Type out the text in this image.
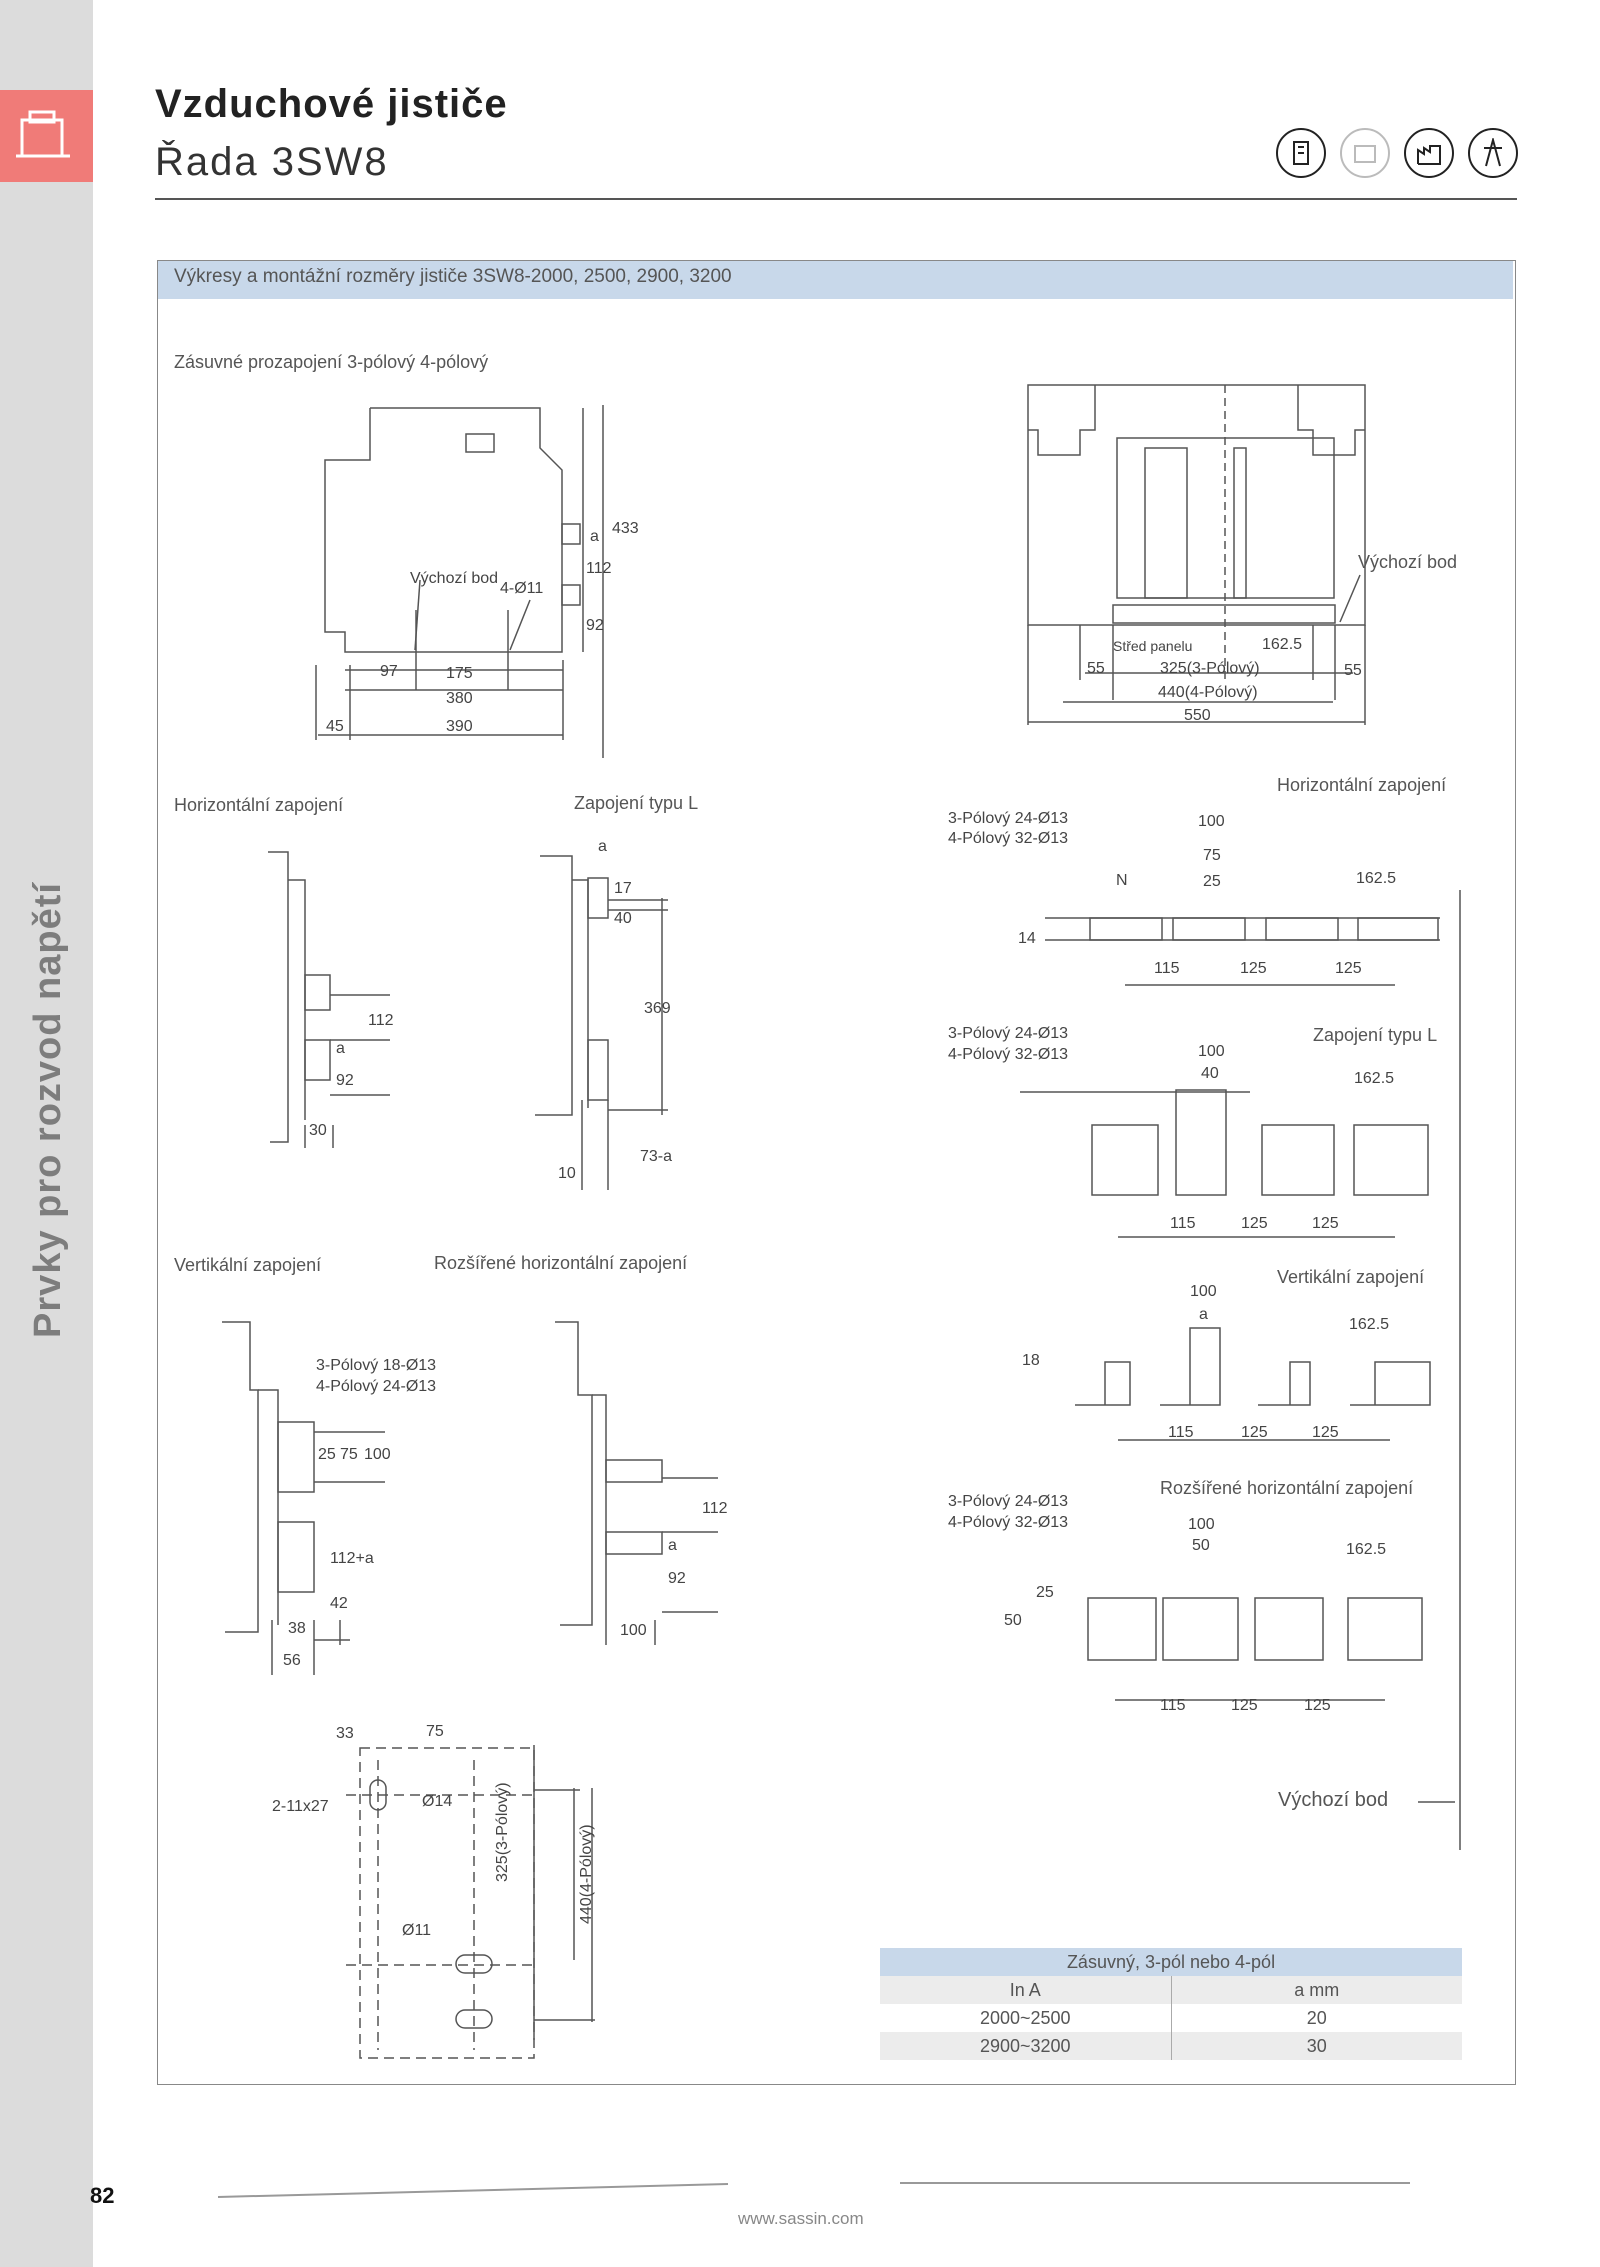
Prvky pro rozvod napětí
82
Vzduchové jističe
Řada 3SW8
Výkresy a montážní rozměry jističe 3SW8-2000, 2500, 2900, 3200
Zásuvné prozapojení 3-pólový 4-pólový
Výchozí bod
4-Ø11
a
112
433
92
97	175
380
45	390
Výchozí bod
Střed panelu	162.5
55	325(3-Pólový)	55
440(4-Pólový)
550
Horizontální zapojení
112
a
92
30
Zapojení typu L
a
17
40
369
10
73-a
Vertikální zapojení
3-Pólový 18-Ø13
4-Pólový 24-Ø13
25 75 100
112+a
42
38
56
Rozšířené horizontální zapojení
112
a
92
100
33	75
2-11x27	Ø14
Ø11
325(3-Pólový)	440(4-Pólový)
Horizontální zapojení
3-Pólový 24-Ø13
4-Pólový 32-Ø13
N
100
75
25	162.5
14
115	125	125
Zapojení typu L
3-Pólový 24-Ø13
4-Pólový 32-Ø13	100
40	162.5
115	125	125
Vertikální zapojení
100
a
162.5
18
115	125	125
Rozšířené horizontální zapojení
3-Pólový 24-Ø13
4-Pólový 32-Ø13	100
50	162.5
25
50
115	125	125
Výchozí bod
Zásuvný, 3-pól nebo 4-pól
In A	a mm
2000~2500	20
2900~3200	30
www.sassin.com
